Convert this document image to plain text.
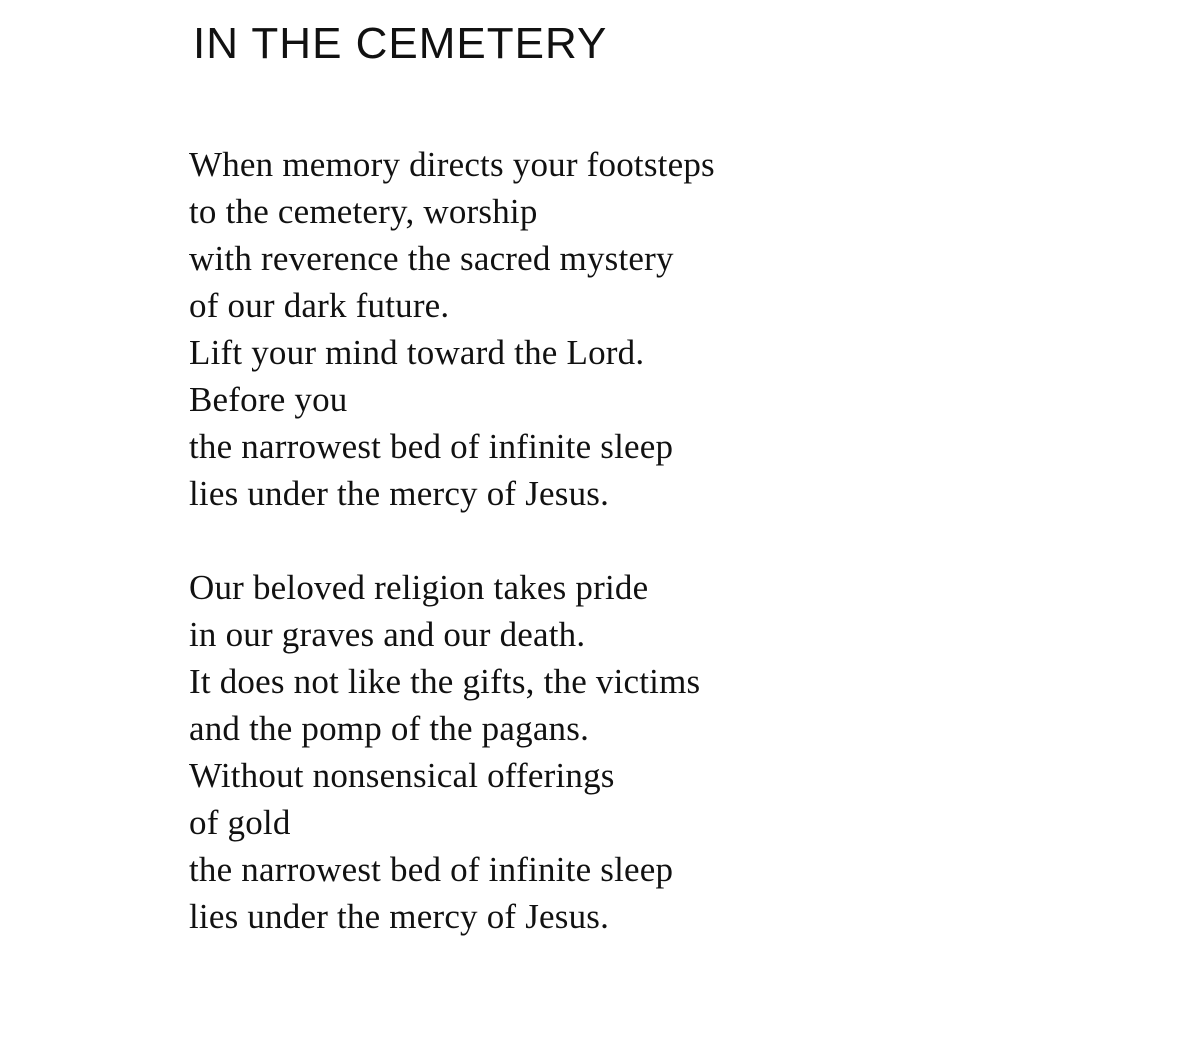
IN THE CEMETERY
When memory directs your footsteps
to the cemetery, worship
with reverence the sacred mystery
of our dark future.
Lift your mind toward the Lord.
Before you
the narrowest bed of infinite sleep
lies under the mercy of Jesus.
Our beloved religion takes pride
in our graves and our death.
It does not like the gifts, the victims
and the pomp of the pagans.
Without nonsensical offerings
of gold
the narrowest bed of infinite sleep
lies under the mercy of Jesus.
